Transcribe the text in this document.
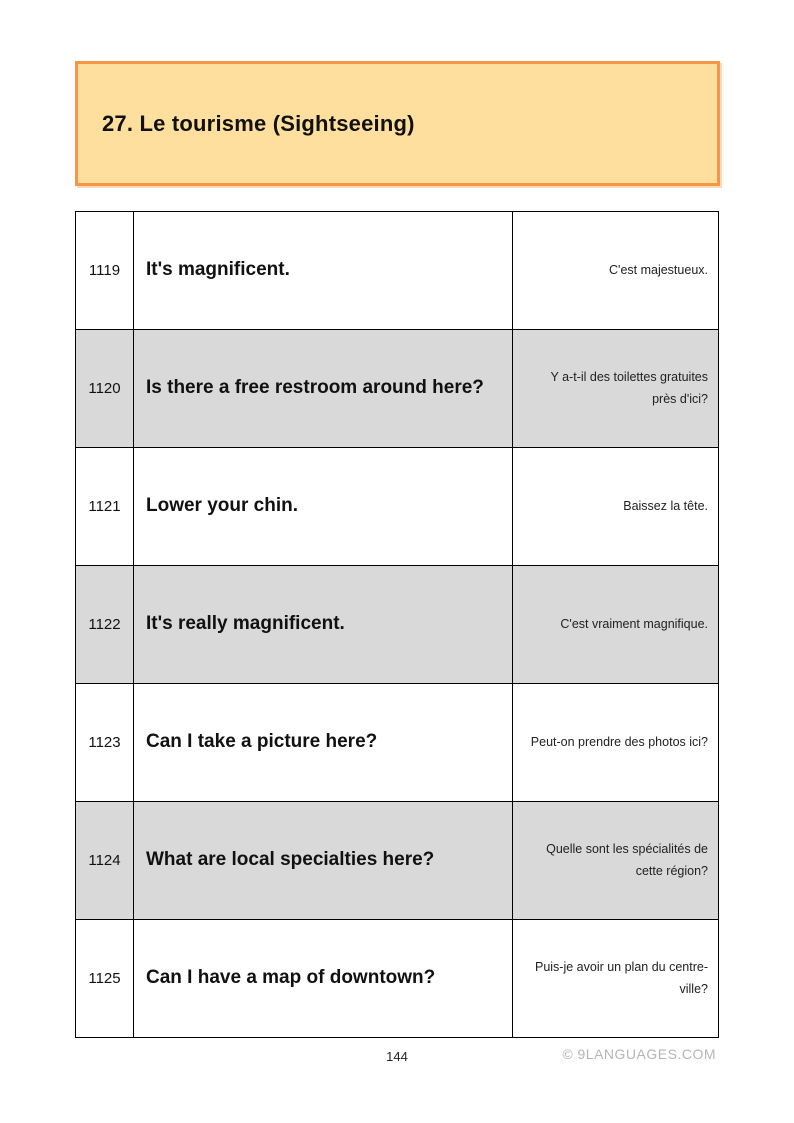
27. Le tourisme (Sightseeing)
1119	It's magnificent.	C'est majestueux.
1120	Is there a free restroom around here?	Y a-t-il des toilettes gratuites près d'ici?
1121	Lower your chin.	Baissez la tête.
1122	It's really magnificent.	C'est vraiment magnifique.
1123	Can I take a picture here?	Peut-on prendre des photos ici?
1124	What are local specialties here?	Quelle sont les spécialités de cette région?
1125	Can I have a map of downtown?	Puis-je avoir un plan du centre-ville?
144	© 9LANGUAGES.COM
